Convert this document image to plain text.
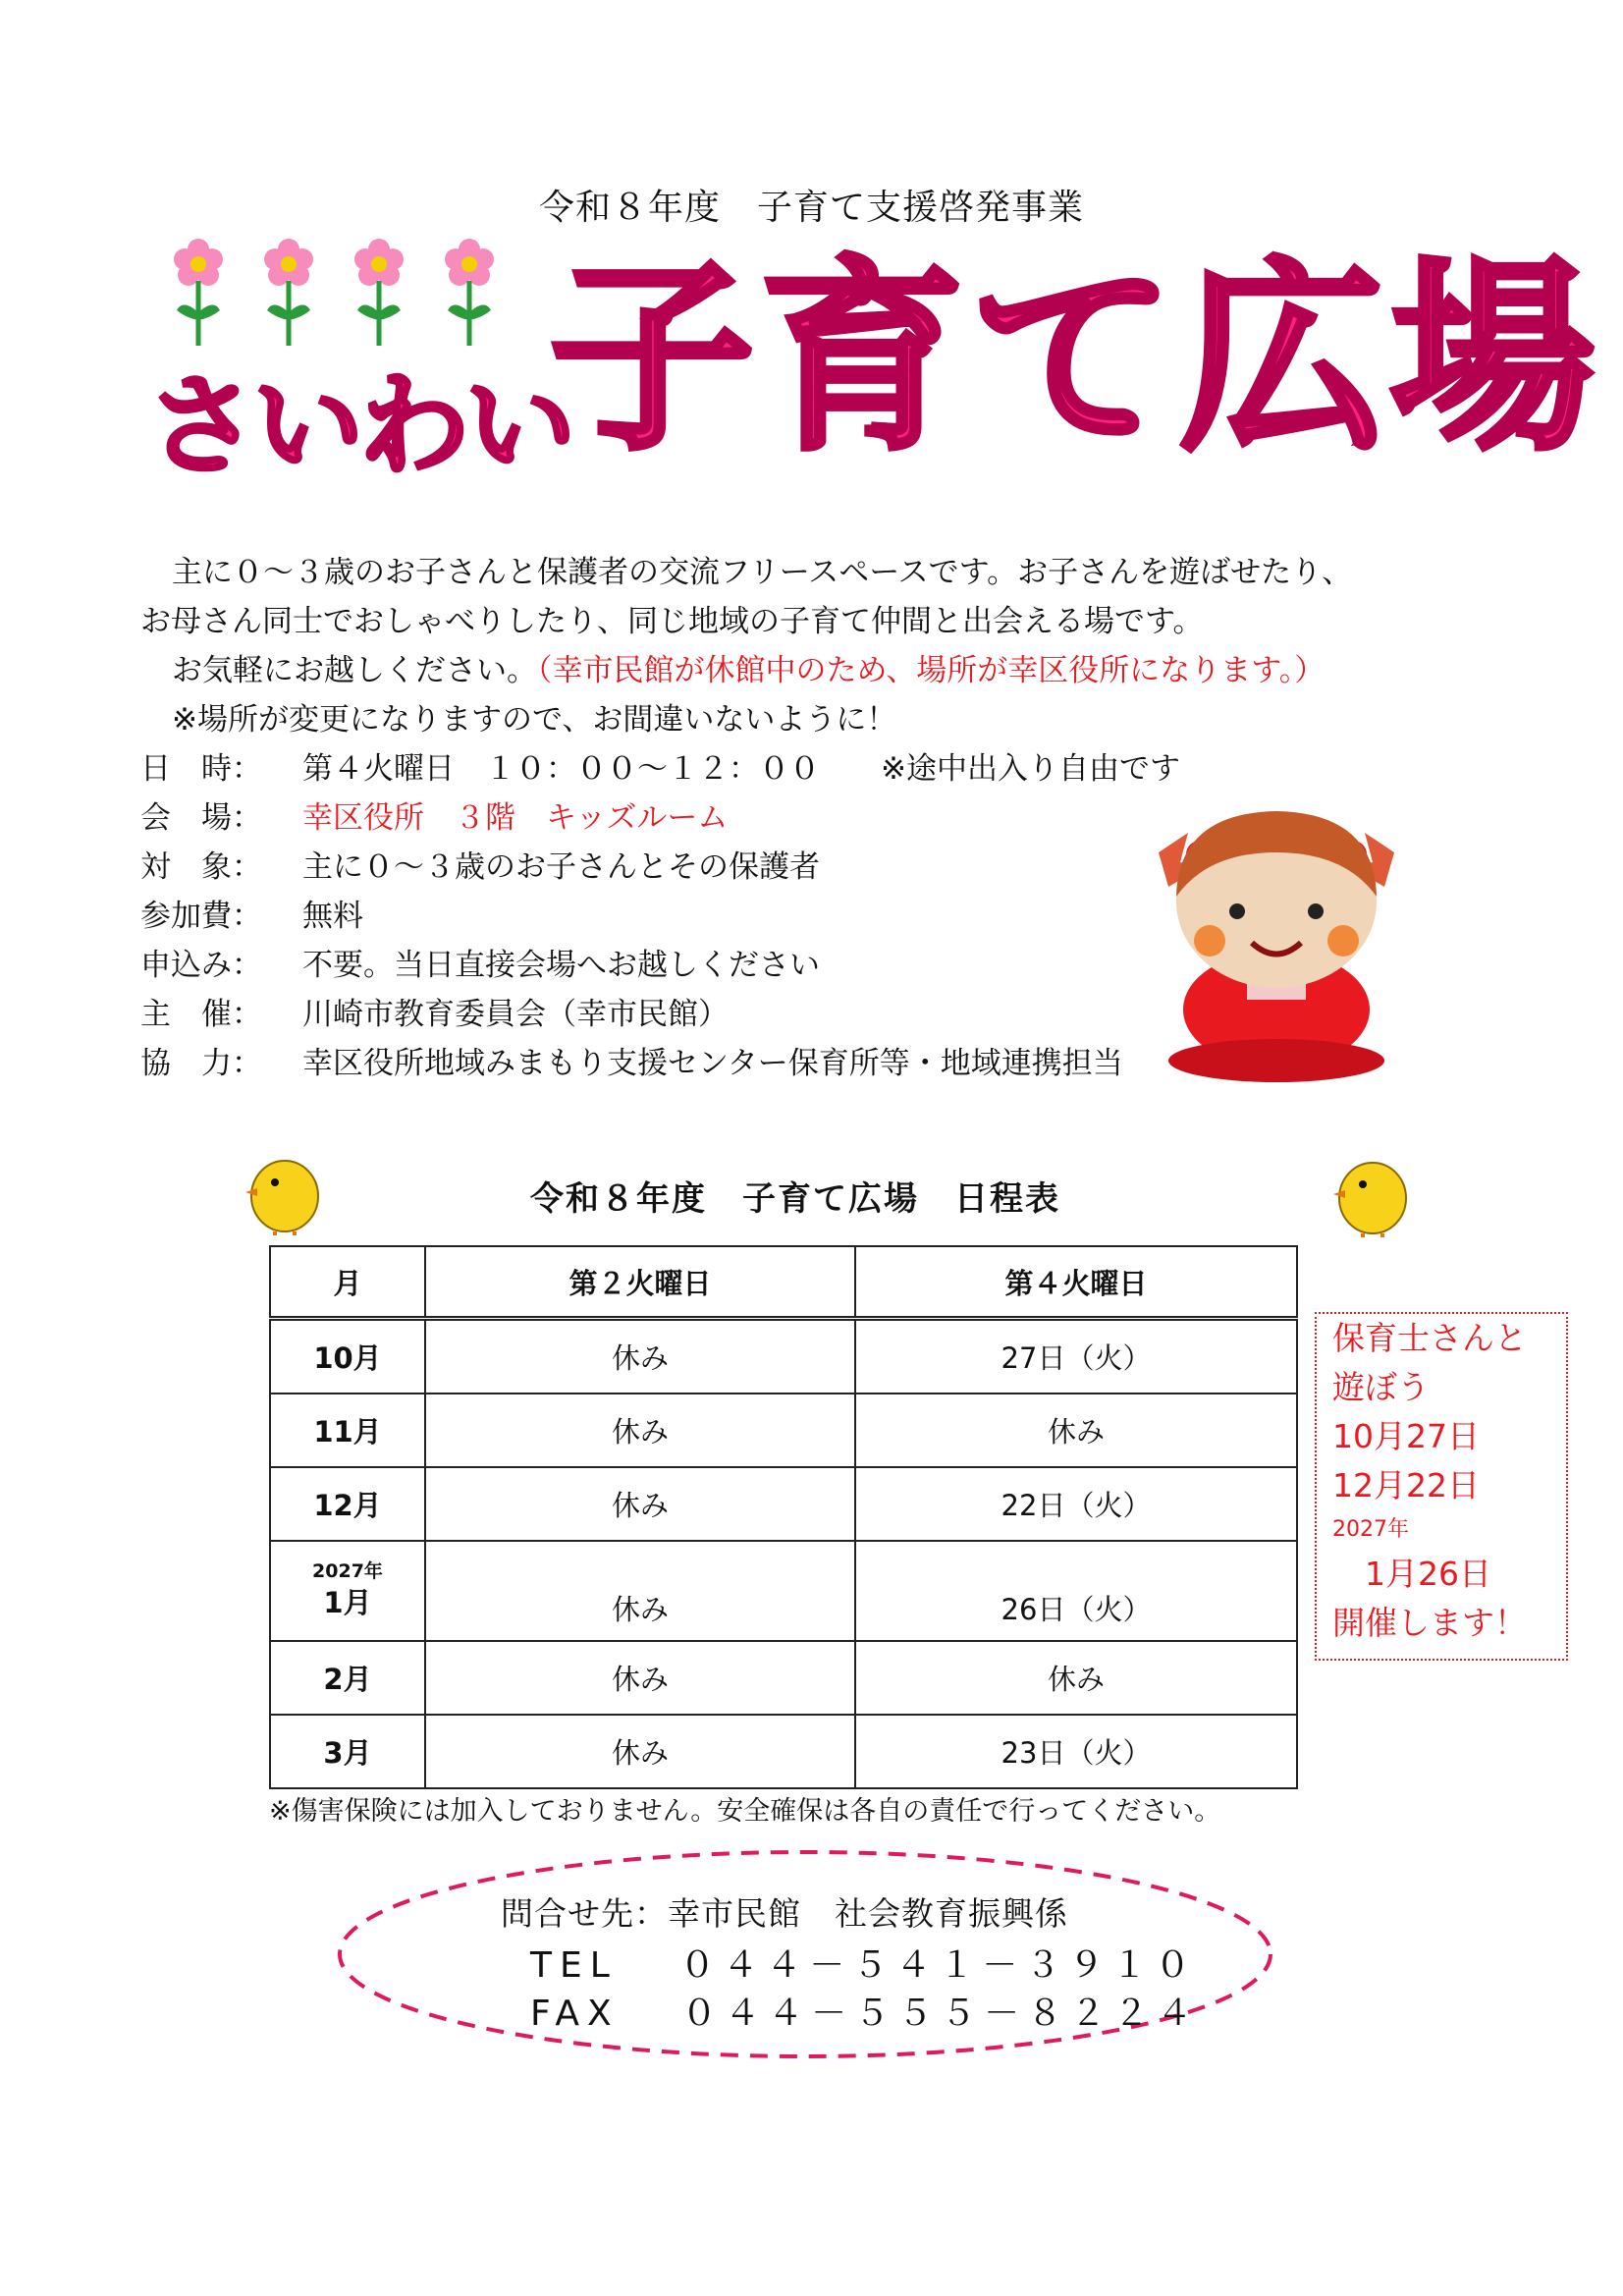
令和８年度　子育て支援啓発事業
さいわい
子育て広場
主に０～３歳のお子さんと保護者の交流フリースペースです。お子さんを遊ばせたり、
お母さん同士でおしゃべりしたり、同じ地域の子育て仲間と出会える場です。
お気軽にお越しください。（幸市民館が休館中のため、場所が幸区役所になります。）
※場所が変更になりますので、お間違いないように！
日　時： 第４火曜日　１０：００～１２：００　　※途中出入り自由です
会　場： 幸区役所　３階　キッズルーム
対　象： 主に０～３歳のお子さんとその保護者
参加費： 無料
申込み： 不要。当日直接会場へお越しください
主　催： 川崎市教育委員会（幸市民館）
協　力： 幸区役所地域みまもり支援センター保育所等・地域連携担当
令和８年度　子育て広場　日程表
月	第２火曜日	第４火曜日
10月	休み	27日（火）
11月	休み	休み
12月	休み	22日（火）

2027年
1月	休み	26日（火）
2月	休み	休み
3月	休み	23日（火）
※傷害保険には加入しておりません。安全確保は各自の責任で行ってください。
保育士さんと
遊ぼう
10月27日
12月22日
2027年
　1月26日
開催します！
問合せ先：幸市民館　社会教育振興係
TEL　 ０４４－５４１－３９１０
FAX　 ０４４－５５５－８２２４
